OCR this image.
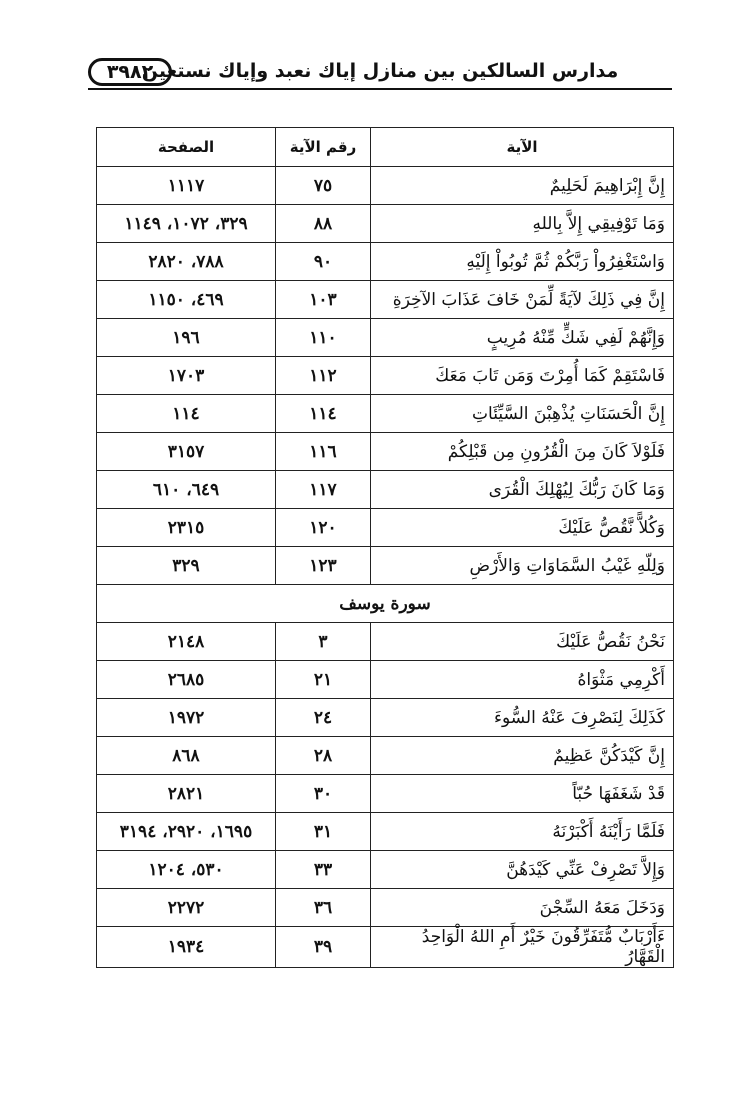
٣٩٨٢
مدارس السالكين بين منازل إياك نعبد وإياك نستعين
الآية	رقم الآية	الصفحة
إِنَّ إِبْرَاهِيمَ لَحَلِيمٌ	٧٥	١١١٧
وَمَا تَوْفِيقِي إِلاَّ بِاللهِ	٨٨	٣٢٩، ١٠٧٢، ١١٤٩
وَاسْتَغْفِرُواْ رَبَّكُمْ ثُمَّ تُوبُواْ إِلَيْهِ	٩٠	٧٨٨، ٢٨٢٠
إِنَّ فِي ذَلِكَ لآيَةً لِّمَنْ خَافَ عَذَابَ الآخِرَةِ	١٠٣	٤٦٩، ١١٥٠
وَإِنَّهُمْ لَفِي شَكٍّ مِّنْهُ مُرِيبٍ	١١٠	١٩٦
فَاسْتَقِمْ كَمَا أُمِرْتَ وَمَن تَابَ مَعَكَ	١١٢	١٧٠٣
إِنَّ الْحَسَنَاتِ يُذْهِبْنَ السَّيِّئَاتِ	١١٤	١١٤
فَلَوْلاَ كَانَ مِنَ الْقُرُونِ مِن قَبْلِكُمْ	١١٦	٣١٥٧
وَمَا كَانَ رَبُّكَ لِيُهْلِكَ الْقُرَى	١١٧	٦٤٩، ٦١٠
وَكُلاًّ نَّقُصُّ عَلَيْكَ	١٢٠	٢٣١٥
وَلِلّهِ غَيْبُ السَّمَاوَاتِ وَالأَرْضِ	١٢٣	٣٢٩
سورة يوسف		
نَحْنُ نَقُصُّ عَلَيْكَ	٣	٢١٤٨
أَكْرِمِي مَثْوَاهُ	٢١	٢٦٨٥
كَذَلِكَ لِنَصْرِفَ عَنْهُ السُّوءَ	٢٤	١٩٧٢
إِنَّ كَيْدَكُنَّ عَظِيمٌ	٢٨	٨٦٨
قَدْ شَغَفَهَا حُبّاً	٣٠	٢٨٢١
فَلَمَّا رَأَيْنَهُ أَكْبَرْنَهُ	٣١	١٦٩٥، ٢٩٢٠، ٣١٩٤
وَإِلاَّ تَصْرِفْ عَنِّي كَيْدَهُنَّ	٣٣	٥٣٠، ١٢٠٤
وَدَخَلَ مَعَهُ السِّجْنَ	٣٦	٢٢٧٢
ءَأَرْبَابٌ مُّتَفَرِّقُونَ خَيْرٌ أَمِ اللهُ الْوَاحِدُ الْقَهَّارُ	٣٩	١٩٣٤
